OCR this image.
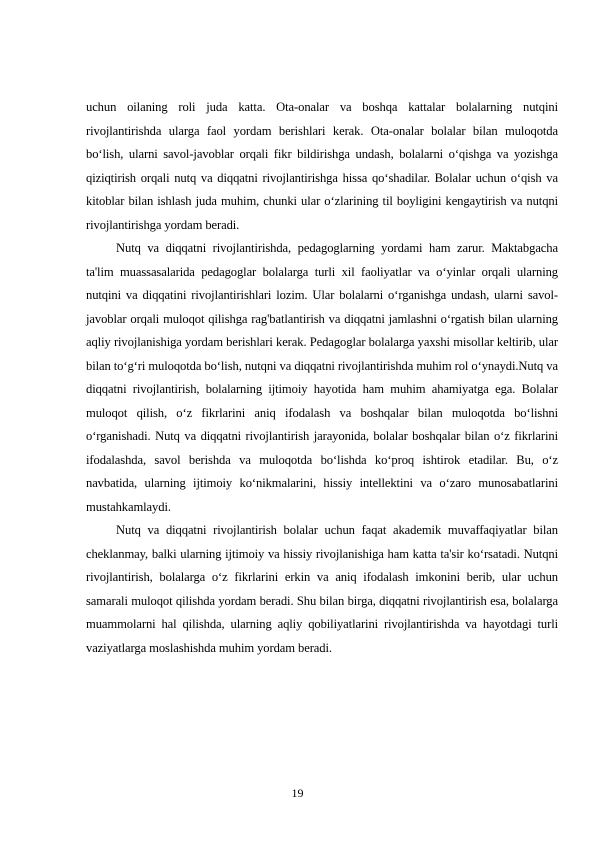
uchun oilaning roli juda katta. Ota-onalar va boshqa kattalar bolalarning nutqini rivojlantirishda ularga faol yordam berishlari kerak. Ota-onalar bolalar bilan muloqotda bo‘lish, ularni savol-javoblar orqali fikr bildirishga undash, bolalarni o‘qishga va yozishga qiziqtirish orqali nutq va diqqatni rivojlantirishga hissa qo‘shadilar. Bolalar uchun o‘qish va kitoblar bilan ishlash juda muhim, chunki ular o‘zlarining til boyligini kengaytirish va nutqni rivojlantirishga yordam beradi.

Nutq va diqqatni rivojlantirishda, pedagoglarning yordami ham zarur. Maktabgacha ta'lim muassasalarida pedagoglar bolalarga turli xil faoliyatlar va o‘yinlar orqali ularning nutqini va diqqatini rivojlantirishlari lozim. Ular bolalarni o‘rganishga undash, ularni savol-javoblar orqali muloqot qilishga rag'batlantirish va diqqatni jamlashni o‘rgatish bilan ularning aqliy rivojlanishiga yordam berishlari kerak. Pedagoglar bolalarga yaxshi misollar keltirib, ular bilan to‘g‘ri muloqotda bo‘lish, nutqni va diqqatni rivojlantirishda muhim rol o‘ynaydi.Nutq va diqqatni rivojlantirish, bolalarning ijtimoiy hayotida ham muhim ahamiyatga ega. Bolalar muloqot qilish, o‘z fikrlarini aniq ifodalash va boshqalar bilan muloqotda bo‘lishni o‘rganishadi. Nutq va diqqatni rivojlantirish jarayonida, bolalar boshqalar bilan o‘z fikrlarini ifodalashda, savol berishda va muloqotda bo‘lishda ko‘proq ishtirok etadilar. Bu, o‘z navbatida, ularning ijtimoiy ko‘nikmalarini, hissiy intellektini va o‘zaro munosabatlarini mustahkamlaydi.

Nutq va diqqatni rivojlantirish bolalar uchun faqat akademik muvaffaqiyatlar bilan cheklanmay, balki ularning ijtimoiy va hissiy rivojlanishiga ham katta ta'sir ko‘rsatadi. Nutqni rivojlantirish, bolalarga o‘z fikrlarini erkin va aniq ifodalash imkonini berib, ular uchun samarali muloqot qilishda yordam beradi. Shu bilan birga, diqqatni rivojlantirish esa, bolalarga muammolarni hal qilishda, ularning aqliy qobiliyatlarini rivojlantirishda va hayotdagi turli vaziyatlarga moslashishda muhim yordam beradi.

19
